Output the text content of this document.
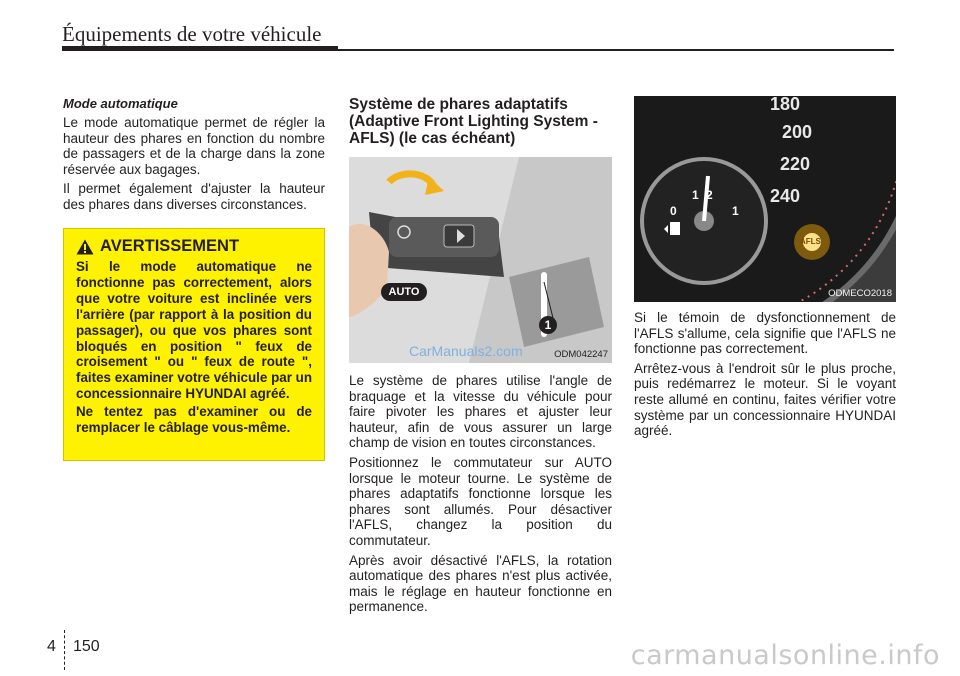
Équipements de votre véhicule
Mode automatique

Le mode automatique permet de régler la hauteur des phares en fonction du nombre de passagers et de la charge dans la zone réservée aux bagages.

Il permet également d'ajuster la hauteur des phares dans diverses circonstances.

AVERTISSEMENT

Si le mode automatique ne fonctionne pas correctement, alors que votre voiture est inclinée vers l'arrière (par rapport à la position du passager), ou que vos phares sont bloqués en position " feux de croisement " ou " feux de route ", faites examiner votre véhicule par un concessionnaire HYUNDAI agréé.

Ne tentez pas d'examiner ou de remplacer le câblage vous-même.

Système de phares adaptatifs (Adaptive Front Lighting System - AFLS) (le cas échéant)
AUTO
1
CarManuals2.com	ODM042247

Le système de phares utilise l'angle de braquage et la vitesse du véhicule pour faire pivoter les phares et ajuster leur hauteur, afin de vous assurer un large champ de vision en toutes circonstances.

Positionnez le commutateur sur AUTO lorsque le moteur tourne. Le système de phares adaptatifs fonctionne lorsque les phares sont allumés. Pour désactiver l'AFLS, changez la position du commutateur.

Après avoir désactivé l'AFLS, la rotation automatique des phares n'est plus activée, mais le réglage en hauteur fonctionne en permanence.

180
200
220
240
0
1 2
1
AFLS
ODMECO2018

Si le témoin de dysfonctionnement de l'AFLS s'allume, cela signifie que l'AFLS ne fonctionne pas correctement.

Arrêtez-vous à l'endroit sûr le plus proche, puis redémarrez le moteur. Si le voyant reste allumé en continu, faites vérifier votre système par un concessionnaire HYUNDAI agréé.

4 150	carmanualsonline.info
